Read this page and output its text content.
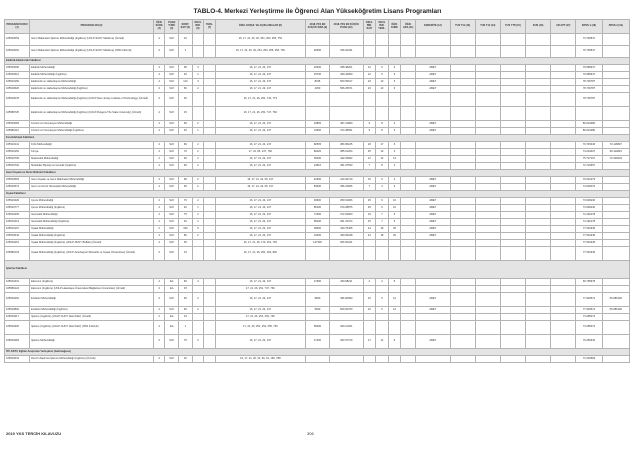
TABLO-4. Merkezi Yerleştirme ile Öğrenci Alan Yükseköğretim Lisans Programları
PROGRAM KODU (1)	PROGRAM ADI (2)	ÖĞR. SÜRE (3)	PUAN TÜRÜ (4)	KONT. SAYI (5)	OKUL BİR. (6)	YERL. (7)	ÖZEL KOŞUL VE AÇIKLAMALAR (8)	2018-YKS EN KÜÇÜK SIRA (9)	2018-YKS EN KÜÇÜK PUAN (10)	OKUL BİR. SAYI	OKUL BİR. YERL.	ÖĞR. SÜRE	ÖĞR. ARA (11)	AKREDİTE (12)	TUS T11 (13)	TUS T12 (14)	TUS YTP (15)	DUS (16)	AB AYP (17)	KPSS-1 (18)	KPSS-2 (19)
105510053	Gemi Makineleri İşletme Mühendisliği (İngilizce) (UOLP-SUNY Maritime) (Ücretli)	4	SAY	10			16, 17, 21, 26, 32, 251, 253, 256, 752													73.748537	
105510062	Gemi Makineleri İşletme Mühendisliği (İngilizce) (UOLP-SUNY Maritime) (%50 İndirimli)	4	SAY	1			16, 17, 21, 26, 32, 251, 253, 255, 256, 752	92600	346.02331											70.748537	
Elektrik-Elektronik Fakültesi																					
105510096	Elektrik Mühendisliği	4	SAY	95	3		16, 17, 21, 24, 137	20300	458.48261	12	5	6		ABET						76.986947	
105510612	Elektrik Mühendisliği (İngilizce)	4	SAY	40	1		16, 17, 21, 24, 137	15730	469.44050	12	5	6		ABET						76.986947	
105510166	Elektronik ve Haberleşme Mühendisliği	4	SAY	110	3		16, 17, 21, 24, 137	8435	500.56617	23	10	6		ABET						78.736787	
105510626	Elektronik ve Haberleşme Mühendisliği (İngilizce)	4	SAY	60	2		16, 17, 21, 24, 137	4450	506.25671	23	10	6		ABET						78.736787	
105510078	Elektronik ve Haberleşme Mühendisliği (İngilizce) (UOLP-New Jersey Institute of Technology) (Ücretli)	4	SAY	30			16, 17, 21, 26, 251, 740, 773													78.736787	
105580725	Elektronik ve Haberleşme Mühendisliği (İngilizce) (UOLP-Rutgers-The State University) (Ücretli)	4	SAY	15			16, 17, 21, 26, 251, 747, 760														
105510083	Kontrol ve Otomasyon Mühendisliği	4	SAY	60	2		16, 17, 21, 24, 137	19805	467.21890	9	8	3		ABET						80.024480	
105580112	Kontrol ve Otomasyon Mühendisliği (İngilizce)	4	SAY	40	1		16, 17, 21, 24, 137	13600	474.38091	9	8	3		ABET						80.024480	
Fen-Edebiyat Fakültesi																					
105510141	Fizik Mühendisliği	4	SAY	60	2		16, 17, 21, 24, 137	82505	384.95245	18	17	6								70.745346	73.116807
105510152	Kimya	4	SAY	70	2		17, 24, 86, 137, 766	82020	385.01264	25	10	4								74.234467	69.114823
105510705	Matematik Mühendisliği	4	SAY	60	2		16, 17, 21, 24, 137	35000	442.29092	12	13	13								75.727167	72.346004
105510732	Moleküler Biyoloji ve Genetik (İngilizce)	4	SAY	60	2		16, 17, 21, 24, 137	24510	451.67530	7	8	4								72.723657	
Gemi İnşaatı ve Deniz Bilimleri Fakültesi																					
105510563	Gemi İnşaatı ve Gemi Makineleri Mühendisliği	4	SAY	90	2		16, 17, 21, 32, 66, 137	42900	414.92710	15	5	4		ABET						70.522279	
105510574	Gemi ve Deniz Teknolojisi Mühendisliği	4	SAY	60	2		16, 17, 21, 32, 66, 137	84300	356.15066	7	4	9		ABET						74.903076	
İnşaat Fakültesi																					
105510229	Çevre Mühendisliği	4	SAY	70	2		16, 17, 21, 24, 137	93600	350.51966	25	9	10		ABET						73.906230	
105510777	Çevre Mühendisliği (İngilizce)	4	SAY	40	1		16, 17, 21, 24, 137	85100	370.28875	25	9	10		ABET						73.906230	
105510205	Geomatik Mühendisliği	4	SAY	75	2		16, 17, 21, 24, 137	71600	372.94000	15	7	5		ABET						74.192178	
105510213	Geomatik Mühendisliği (İngilizce)	4	SAY	40	1		16, 17, 21, 24, 137	58100	391.15474	15	7	5		ABET						74.192178	
105510197	İnşaat Mühendisliği	4	SAY	190	5		16, 17, 21, 24, 137	28600	440.76465	44	18	25		ABET						77.540345	
105510644	İnşaat Mühendisliği (İngilizce)	4	SAY	80	2		16, 17, 21, 24, 137	19400	460.69348	44	18	25		ABET						77.540345	
105510261	İnşaat Mühendisliği (İngilizce) (UOLP-SUNY Buffalo) (Ücretli)	4	SAY	35			16, 17, 21, 26, 170, 251, 762	147300	306.50341											77.540345	
105580123	İnşaat Mühendisliği (İngilizce) (UOLP-Azerbaycan Mimarlık ve İnşaat Üniversitesi) (Ücretli)	4	SAY	15			16, 17, 21, 26, 251, 260, 800													77.540345	
İşletme Fakültesi																					
105510231	Ekonomi (İngilizce)	4	EA	60	3		16, 17, 21, 24, 137	17600	400.98211	2	2	5								66.795978	
105580124	Ekonomi (İngilizce) (UOLP-Hacettepe Üniversitesi Bağlantısı Üniversites) (Ücretli)	4	EA	15			17, 21, 26, 251, 747, 760														
105510262	Endüstri Mühendisliği	4	SAY	60	2		16, 17, 21, 24, 137	9830	496.90990	10	5	12		ABET						77.926572	65.086190
105510802	Endüstri Mühendisliği (İngilizce)	4	SAY	60	2		16, 17, 21, 24, 137	5930	500.00760	10	5	12		ABET						77.926572	65.086190
105510317	İşletme (İngilizce) (UOLP-SUNY New Paltz) (Ücretli)	4	EA	34			17, 21, 26, 251, 254, 760													73.285073	
105510326	İşletme (İngilizce) (UOLP-SUNY New Paltz) (%50 İndirimli)	4	EA	1			17, 21, 26, 251, 254, 255, 760	56000	400.21261											73.285073	
105510283	İşletme Mühendisliği	4	SAY	70	2		16, 17, 21, 24, 137	17400	464.57379	17	11	5		ABET						79.456632	
İTÜ-KKTC Eğitim Araştırma Yerleşkesi (Gazimağusa)																					
105510644	Deniz Ulaştırma İşletme Mühendisliği (İngilizce) (Ücretli)	4	SAY	20			16, 17, 21, 26, 32, 66, 91, 196, 788													71.020584	
2019 YKS TERCİH KILAVUZU	306
